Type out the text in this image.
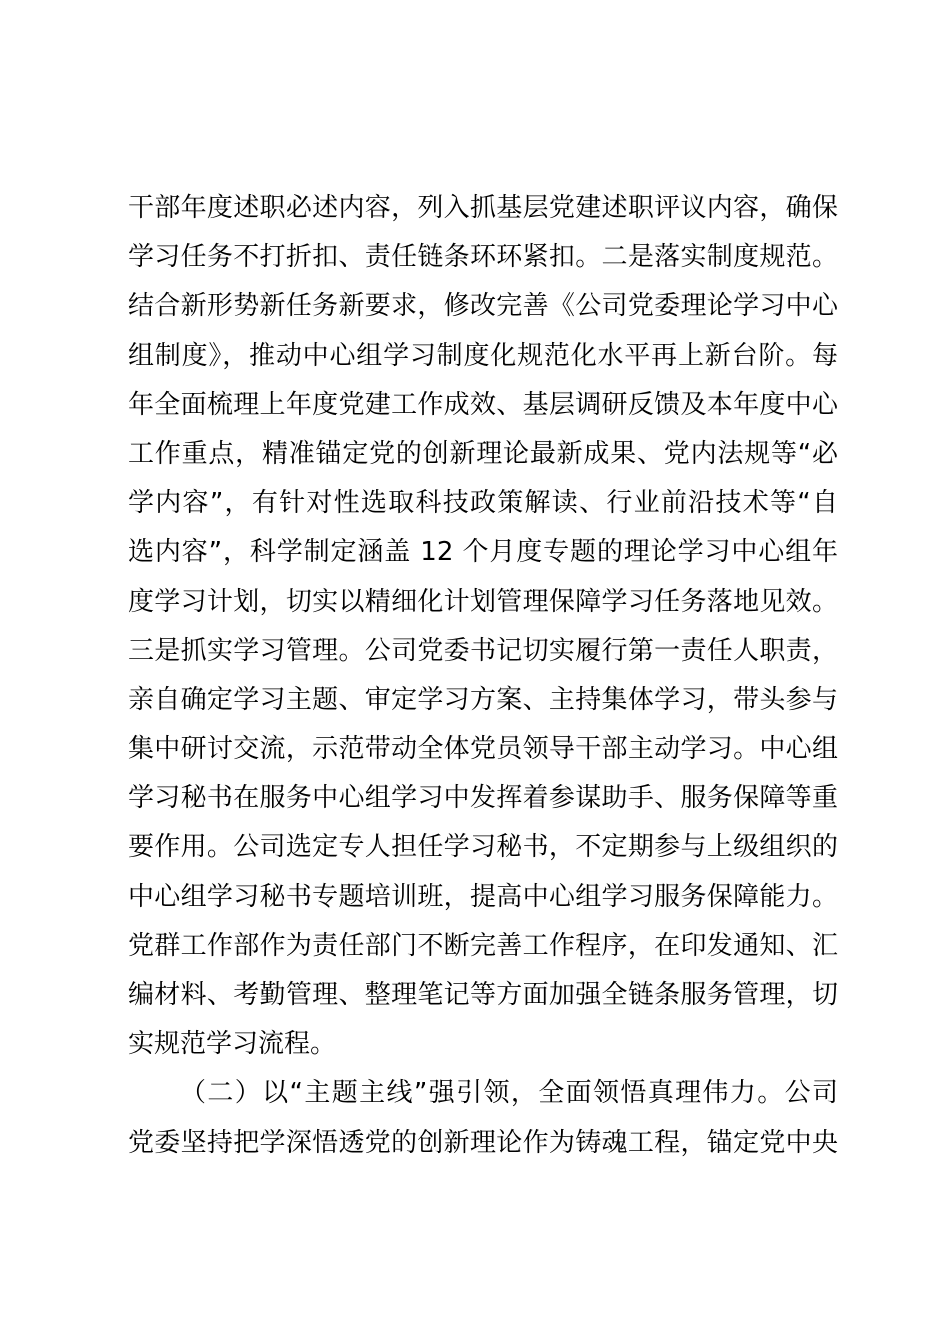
干部年度述职必述内容，列入抓基层党建述职评议内容，确保
学习任务不打折扣、责任链条环环紧扣。二是落实制度规范。
结合新形势新任务新要求，修改完善《公司党委理论学习中心
组制度》，推动中心组学习制度化规范化水平再上新台阶。每
年全面梳理上年度党建工作成效、基层调研反馈及本年度中心
工作重点，精准锚定党的创新理论最新成果、党内法规等“必
学内容”，有针对性选取科技政策解读、行业前沿技术等“自
选内容”，科学制定涵盖 12 个月度专题的理论学习中心组年
度学习计划，切实以精细化计划管理保障学习任务落地见效。
三是抓实学习管理。公司党委书记切实履行第一责任人职责，
亲自确定学习主题、审定学习方案、主持集体学习，带头参与
集中研讨交流，示范带动全体党员领导干部主动学习。中心组
学习秘书在服务中心组学习中发挥着参谋助手、服务保障等重
要作用。公司选定专人担任学习秘书，不定期参与上级组织的
中心组学习秘书专题培训班，提高中心组学习服务保障能力。
党群工作部作为责任部门不断完善工作程序，在印发通知、汇
编材料、考勤管理、整理笔记等方面加强全链条服务管理，切
实规范学习流程。
（二）以“主题主线”强引领，全面领悟真理伟力。公司
党委坚持把学深悟透党的创新理论作为铸魂工程，锚定党中央
